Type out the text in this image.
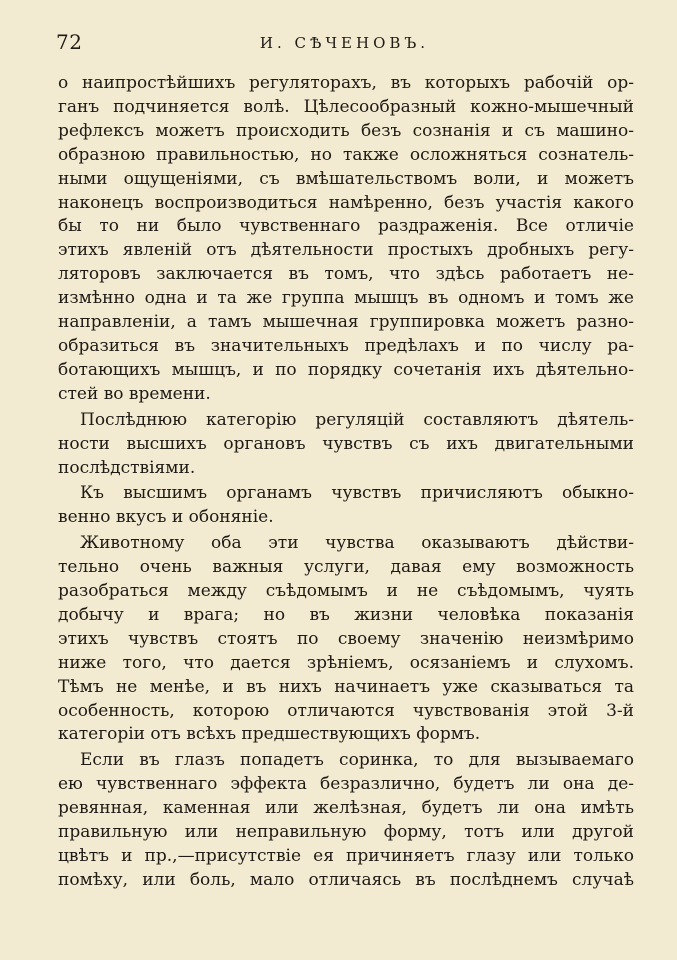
72	И. СѢЧЕНОВЪ.

о наипростѣйшихъ регуляторахъ, въ которыхъ рабочій ор-
ганъ подчиняется волѣ. Цѣлесообразный кожно-мышечный
рефлексъ можетъ происходить безъ сознанія и съ машино-
образною правильностью, но также осложняться сознатель-
ными ощущеніями, съ вмѣшательствомъ воли, и можетъ
наконецъ воспроизводиться намѣренно, безъ участія какого
бы то ни было чувственнаго раздраженія. Все отличіе
этихъ явленій отъ дѣятельности простыхъ дробныхъ регу-
ляторовъ заключается въ томъ, что здѣсь работаетъ не-
измѣнно одна и та же группа мышцъ въ одномъ и томъ же
направленіи, а тамъ мышечная группировка можетъ разно-
образиться въ значительныхъ предѣлахъ и по числу ра-
ботающихъ мышцъ, и по порядку сочетанія ихъ дѣятельно-
стей во времени.

Послѣднюю категорію регуляцій составляютъ дѣятель-
ности высшихъ органовъ чувствъ съ ихъ двигательными
послѣдствіями.

Къ высшимъ органамъ чувствъ причисляютъ обыкно-
венно вкусъ и обоняніе.

Животному оба эти чувства оказываютъ дѣйстви-
тельно очень важныя услуги, давая ему возможность
разобраться между съѣдомымъ и не съѣдомымъ, чуять
добычу и врага; но въ жизни человѣка показанія
этихъ чувствъ стоятъ по своему значенію неизмѣримо
ниже того, что дается зрѣніемъ, осязаніемъ и слухомъ.
Тѣмъ не менѣе, и въ нихъ начинаетъ уже сказываться та
особенность, которою отличаются чувствованія этой 3-й
категоріи отъ всѣхъ предшествующихъ формъ.

Если въ глазъ попадетъ соринка, то для вызываемаго
ею чувственнаго эффекта безразлично, будетъ ли она де-
ревянная, каменная или желѣзная, будетъ ли она имѣть
правильную или неправильную форму, тотъ или другой
цвѣтъ и пр.,—присутствіе ея причиняетъ глазу или только
помѣху, или боль, мало отличаясь въ послѣднемъ случаѣ
